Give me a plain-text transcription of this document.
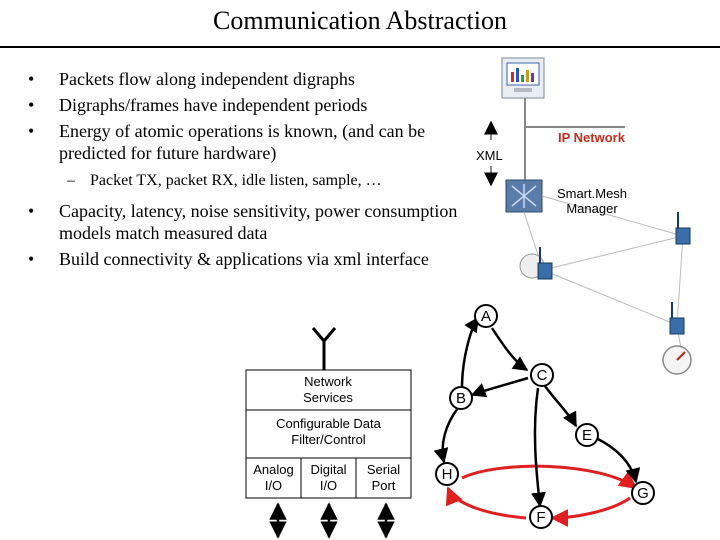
Communication Abstraction
• Packets flow along independent digraphs
• Digraphs/frames have independent periods
• Energy of atomic operations is known, (and can be predicted for future hardware)
– Packet TX, packet RX, idle listen, sample, …
• Capacity, latency, noise sensitivity, power consumption models match measured data
• Build connectivity & applications via xml interface
IP Network
XML
Smart.Mesh Manager
Network Services
Configurable Data Filter/Control
Analog I/O
Digital I/O
Serial Port
A
B
C
E
H
G
F
